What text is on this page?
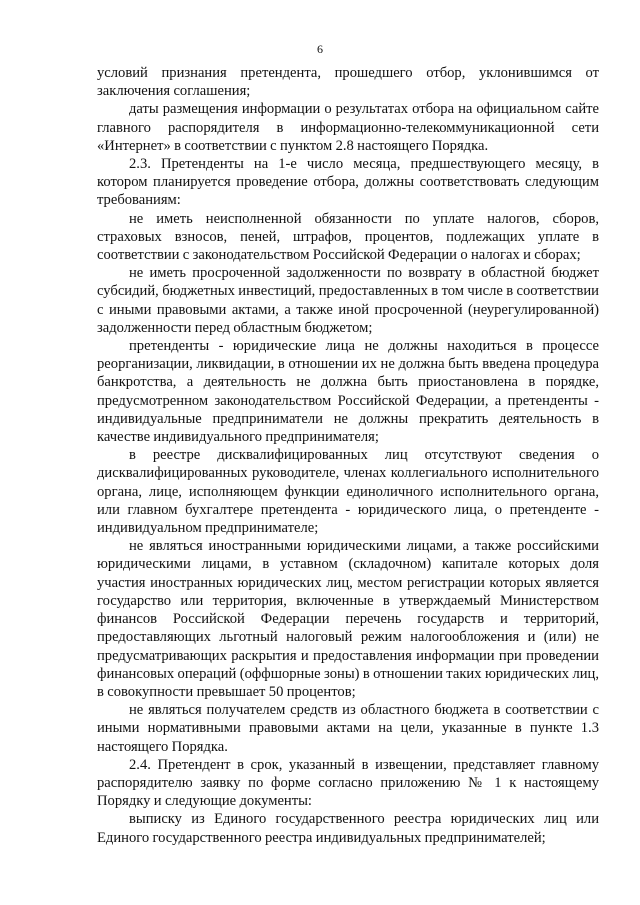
6

условий признания претендента, прошедшего отбор, уклонившимся от заключения соглашения;

даты размещения информации о результатах отбора на официальном сайте главного распорядителя в информационно-телекоммуникационной сети «Интернет» в соответствии с пунктом 2.8 настоящего Порядка.

2.3. Претенденты на 1-е число месяца, предшествующего месяцу, в котором планируется проведение отбора, должны соответствовать следующим требованиям:

не иметь неисполненной обязанности по уплате налогов, сборов, страховых взносов, пеней, штрафов, процентов, подлежащих уплате в соответствии с законодательством Российской Федерации о налогах и сборах;

не иметь просроченной задолженности по возврату в областной бюджет субсидий, бюджетных инвестиций, предоставленных в том числе в соответствии с иными правовыми актами, а также иной просроченной (неурегулированной) задолженности перед областным бюджетом;

претенденты - юридические лица не должны находиться в процессе реорганизации, ликвидации, в отношении их не должна быть введена процедура банкротства, а деятельность не должна быть приостановлена в порядке, предусмотренном законодательством Российской Федерации, а претенденты - индивидуальные предприниматели не должны прекратить деятельность в качестве индивидуального предпринимателя;

в реестре дисквалифицированных лиц отсутствуют сведения о дисквалифицированных руководителе, членах коллегиального исполнительного органа, лице, исполняющем функции единоличного исполнительного органа, или главном бухгалтере претендента - юридического лица, о претенденте - индивидуальном предпринимателе;

не являться иностранными юридическими лицами, а также российскими юридическими лицами, в уставном (складочном) капитале которых доля участия иностранных юридических лиц, местом регистрации которых является государство или территория, включенные в утверждаемый Министерством финансов Российской Федерации перечень государств и территорий, предоставляющих льготный налоговый режим налогообложения и (или) не предусматривающих раскрытия и предоставления информации при проведении финансовых операций (оффшорные зоны) в отношении таких юридических лиц, в совокупности превышает 50 процентов;

не являться получателем средств из областного бюджета в соответствии с иными нормативными правовыми актами на цели, указанные в пункте 1.3 настоящего Порядка.

2.4. Претендент в срок, указанный в извещении, представляет главному распорядителю заявку по форме согласно приложению № 1 к настоящему Порядку и следующие документы:

выписку из Единого государственного реестра юридических лиц или Единого государственного реестра индивидуальных предпринимателей;
